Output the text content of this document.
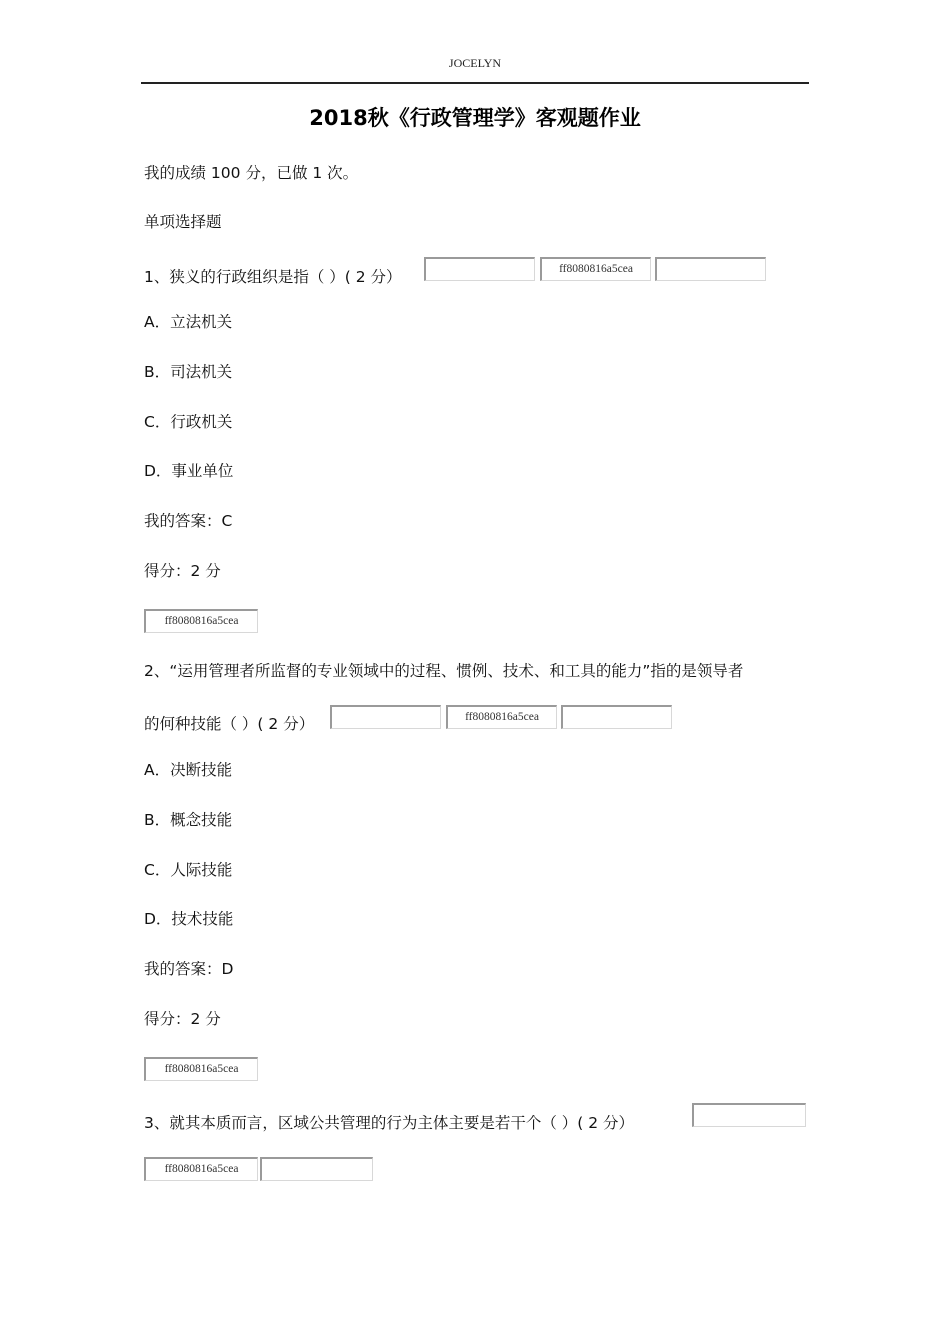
JOCELYN
2018秋《行政管理学》客观题作业
我的成绩 100 分，已做 1 次。
单项选择题
1、狭义的行政组织是指（ ）( 2 分）	ff8080816a5cea
A．立法机关
B．司法机关
C．行政机关
D．事业单位
我的答案：C
得分：2 分
ff8080816a5cea
2、“运用管理者所监督的专业领域中的过程、惯例、技术、和工具的能力”指的是领导者
的何种技能（ ）( 2 分）	ff8080816a5cea
A．决断技能
B．概念技能
C．人际技能
D．技术技能
我的答案：D
得分：2 分
ff8080816a5cea
3、就其本质而言，区域公共管理的行为主体主要是若干个（ ）( 2 分）
ff8080816a5cea
